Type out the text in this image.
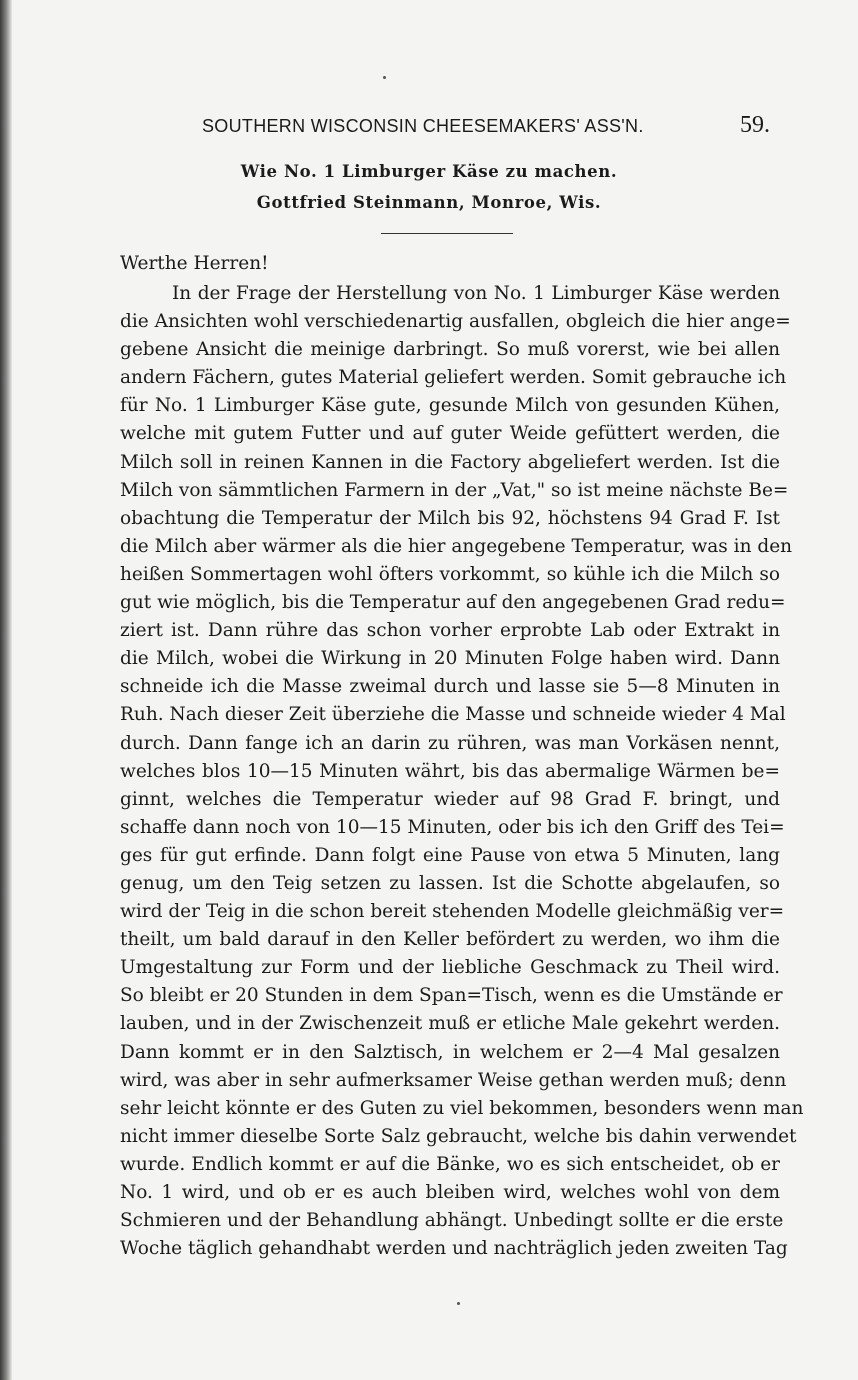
SOUTHERN WISCONSIN CHEESEMAKERS' ASS'N.	59.
Wie No. 1 Limburger Käse zu machen.
Gottfried Steinmann, Monroe, Wis.
Werthe Herren!
In der Frage der Herstellung von No. 1 Limburger Käse werden
die Ansichten wohl verschiedenartig ausfallen, obgleich die hier ange=
gebene Ansicht die meinige darbringt. So muß vorerst, wie bei allen
andern Fächern, gutes Material geliefert werden. Somit gebrauche ich
für No. 1 Limburger Käse gute, gesunde Milch von gesunden Kühen,
welche mit gutem Futter und auf guter Weide gefüttert werden, die
Milch soll in reinen Kannen in die Factory abgeliefert werden. Ist die
Milch von sämmtlichen Farmern in der „Vat," so ist meine nächste Be=
obachtung die Temperatur der Milch bis 92, höchstens 94 Grad F. Ist
die Milch aber wärmer als die hier angegebene Temperatur, was in den
heißen Sommertagen wohl öfters vorkommt, so kühle ich die Milch so
gut wie möglich, bis die Temperatur auf den angegebenen Grad redu=
ziert ist. Dann rühre das schon vorher erprobte Lab oder Extrakt in
die Milch, wobei die Wirkung in 20 Minuten Folge haben wird. Dann
schneide ich die Masse zweimal durch und lasse sie 5—8 Minuten in
Ruh. Nach dieser Zeit überziehe die Masse und schneide wieder 4 Mal
durch. Dann fange ich an darin zu rühren, was man Vorkäsen nennt,
welches blos 10—15 Minuten währt, bis das abermalige Wärmen be=
ginnt, welches die Temperatur wieder auf 98 Grad F. bringt, und
schaffe dann noch von 10—15 Minuten, oder bis ich den Griff des Tei=
ges für gut erfinde. Dann folgt eine Pause von etwa 5 Minuten, lang
genug, um den Teig setzen zu lassen. Ist die Schotte abgelaufen, so
wird der Teig in die schon bereit stehenden Modelle gleichmäßig ver=
theilt, um bald darauf in den Keller befördert zu werden, wo ihm die
Umgestaltung zur Form und der liebliche Geschmack zu Theil wird.
So bleibt er 20 Stunden in dem Span=Tisch, wenn es die Umstände er
lauben, und in der Zwischenzeit muß er etliche Male gekehrt werden.
Dann kommt er in den Salztisch, in welchem er 2—4 Mal gesalzen
wird, was aber in sehr aufmerksamer Weise gethan werden muß; denn
sehr leicht könnte er des Guten zu viel bekommen, besonders wenn man
nicht immer dieselbe Sorte Salz gebraucht, welche bis dahin verwendet
wurde. Endlich kommt er auf die Bänke, wo es sich entscheidet, ob er
No. 1 wird, und ob er es auch bleiben wird, welches wohl von dem
Schmieren und der Behandlung abhängt. Unbedingt sollte er die erste
Woche täglich gehandhabt werden und nachträglich jeden zweiten Tag
